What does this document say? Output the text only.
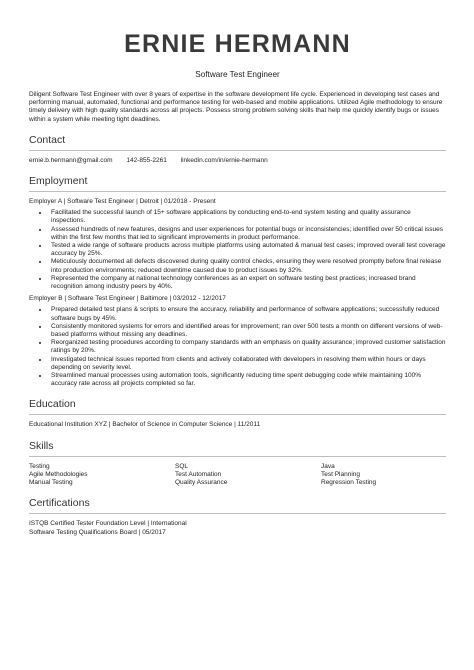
ERNIE HERMANN
Software Test Engineer
Diligent Software Test Engineer with over 8 years of expertise in the software development life cycle. Experienced in developing test cases and performing manual, automated, functional and performance testing for web-based and mobile applications. Utilized Agile methodology to ensure timely delivery with high quality standards across all projects. Possess strong problem solving skills that help me quickly identify bugs or issues within a system while meeting tight deadlines.
Contact
ernie.b.hermann@gmail.com 142-855-2261 linkedin.com/in/ernie-hermann
Employment
Employer A | Software Test Engineer | Detroit | 01/2018 - Present
• Facilitated the successful launch of 15+ software applications by conducting end-to-end system testing and quality assurance inspections.
• Assessed hundreds of new features, designs and user experiences for potential bugs or inconsistencies; identified over 50 critical issues within the first few months that led to significant improvements in product performance.
• Tested a wide range of software products across multiple platforms using automated & manual test cases; improved overall test coverage accuracy by 25%.
• Meticulously documented all defects discovered during quality control checks, ensuring they were resolved promptly before final release into production environments; reduced downtime caused due to product issues by 32%.
• Represented the company at national technology conferences as an expert on software testing best practices; increased brand recognition among industry peers by 40%.
Employer B | Software Test Engineer | Baltimore | 03/2012 - 12/2017
• Prepared detailed test plans & scripts to ensure the accuracy, reliability and performance of software applications; successfully reduced software bugs by 45%.
• Consistently monitored systems for errors and identified areas for improvement; ran over 500 tests a month on different versions of web-based platforms without missing any deadlines.
• Reorganized testing procedures according to company standards with an emphasis on quality assurance; improved customer satisfaction ratings by 20%.
• Investigated technical issues reported from clients and actively collaborated with developers in resolving them within hours or days depending on severity level.
• Streamlined manual processes using automation tools, significantly reducing time spent debugging code while maintaining 100% accuracy rate across all projects completed so far.
Education
Educational Institution XYZ | Bachelor of Science in Computer Science | 11/2011
Skills
Testing	SQL	Java
Agile Methodologies	Test Automation	Test Planning
Manual Testing	Quality Assurance	Regression Testing
Certifications
ISTQB Certified Tester Foundation Level | International
Software Testing Qualifications Board | 05/2017
